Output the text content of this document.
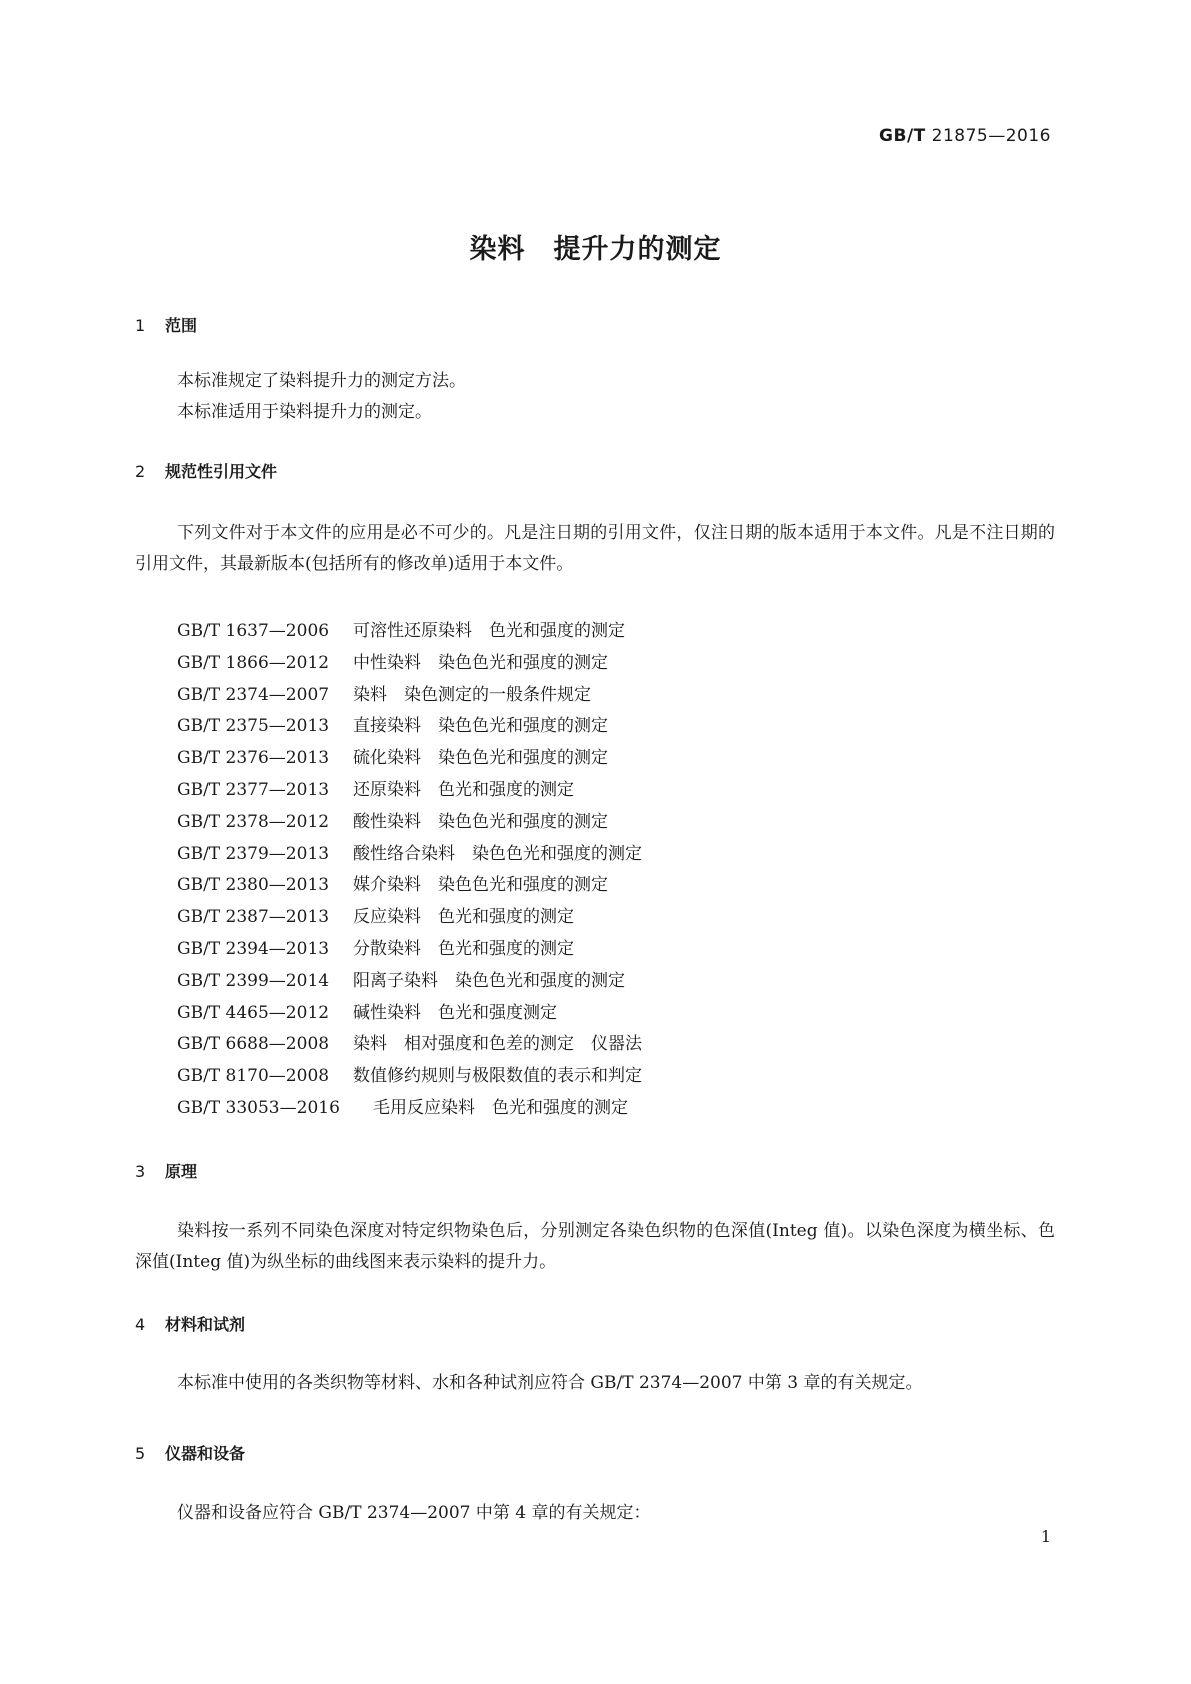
GB/T 21875—2016
染料　提升力的测定
1 范围
本标准规定了染料提升力的测定方法。
本标准适用于染料提升力的测定。
2 规范性引用文件
下列文件对于本文件的应用是必不可少的。凡是注日期的引用文件，仅注日期的版本适用于本文件。凡是不注日期的引用文件，其最新版本(包括所有的修改单)适用于本文件。
GB/T 1637—2006 可溶性还原染料　色光和强度的测定
GB/T 1866—2012 中性染料　染色色光和强度的测定
GB/T 2374—2007 染料　染色测定的一般条件规定
GB/T 2375—2013 直接染料　染色色光和强度的测定
GB/T 2376—2013 硫化染料　染色色光和强度的测定
GB/T 2377—2013 还原染料　色光和强度的测定
GB/T 2378—2012 酸性染料　染色色光和强度的测定
GB/T 2379—2013 酸性络合染料　染色色光和强度的测定
GB/T 2380—2013 媒介染料　染色色光和强度的测定
GB/T 2387—2013 反应染料　色光和强度的测定
GB/T 2394—2013 分散染料　色光和强度的测定
GB/T 2399—2014 阳离子染料　染色色光和强度的测定
GB/T 4465—2012 碱性染料　色光和强度测定
GB/T 6688—2008 染料　相对强度和色差的测定　仪器法
GB/T 8170—2008 数值修约规则与极限数值的表示和判定
GB/T 33053—2016 毛用反应染料　色光和强度的测定
3 原理
染料按一系列不同染色深度对特定织物染色后，分别测定各染色织物的色深值(Integ 值)。以染色深度为横坐标、色深值(Integ 值)为纵坐标的曲线图来表示染料的提升力。
4 材料和试剂
本标准中使用的各类织物等材料、水和各种试剂应符合 GB/T 2374—2007 中第 3 章的有关规定。
5 仪器和设备
仪器和设备应符合 GB/T 2374—2007 中第 4 章的有关规定：
1
